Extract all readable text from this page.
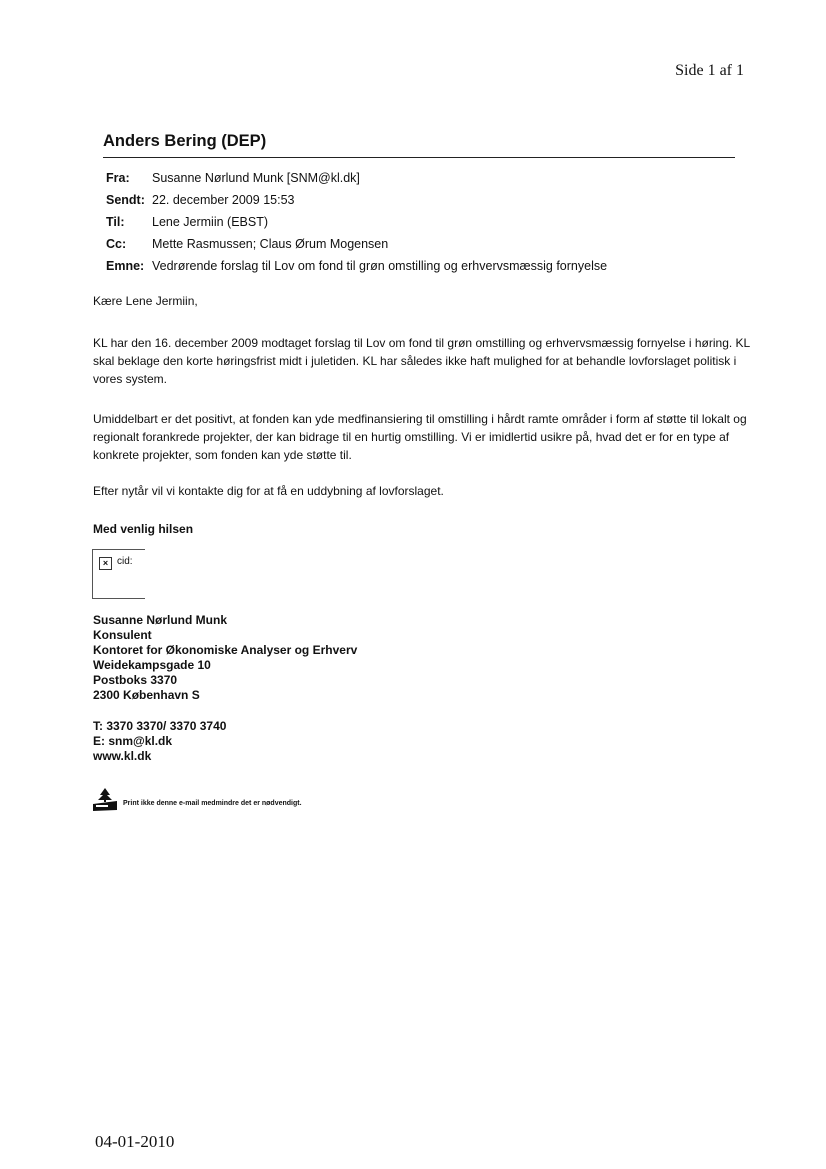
Side 1 af 1
Anders Bering (DEP)
Fra:	Susanne Nørlund Munk [SNM@kl.dk]
Sendt: 22. december 2009 15:53
Til:	Lene Jermiin (EBST)
Cc:	Mette Rasmussen; Claus Ørum Mogensen
Emne: Vedrørende forslag til Lov om fond til grøn omstilling og erhvervsmæssig fornyelse
Kære Lene Jermiin,
KL har den 16. december 2009 modtaget forslag til Lov om fond til grøn omstilling og erhvervsmæssig fornyelse i høring. KL skal beklage den korte høringsfrist midt i juletiden. KL har således ikke haft mulighed for at behandle lovforslaget politisk i vores system.
Umiddelbart er det positivt, at fonden kan yde medfinansiering til omstilling i hårdt ramte områder i form af støtte til lokalt og regionalt forankrede projekter, der kan bidrage til en hurtig omstilling. Vi er imidlertid usikre på, hvad det er for en type af konkrete projekter, som fonden kan yde støtte til.
Efter nytår vil vi kontakte dig for at få en uddybning af lovforslaget.
Med venlig hilsen
× cid:
Susanne Nørlund Munk
Konsulent
Kontoret for Økonomiske Analyser og Erhverv
Weidekampsgade 10
Postboks 3370
2300 København S
T: 3370 3370/ 3370 3740
E: snm@kl.dk
www.kl.dk
Print ikke denne e-mail medmindre det er nødvendigt.
04-01-2010
